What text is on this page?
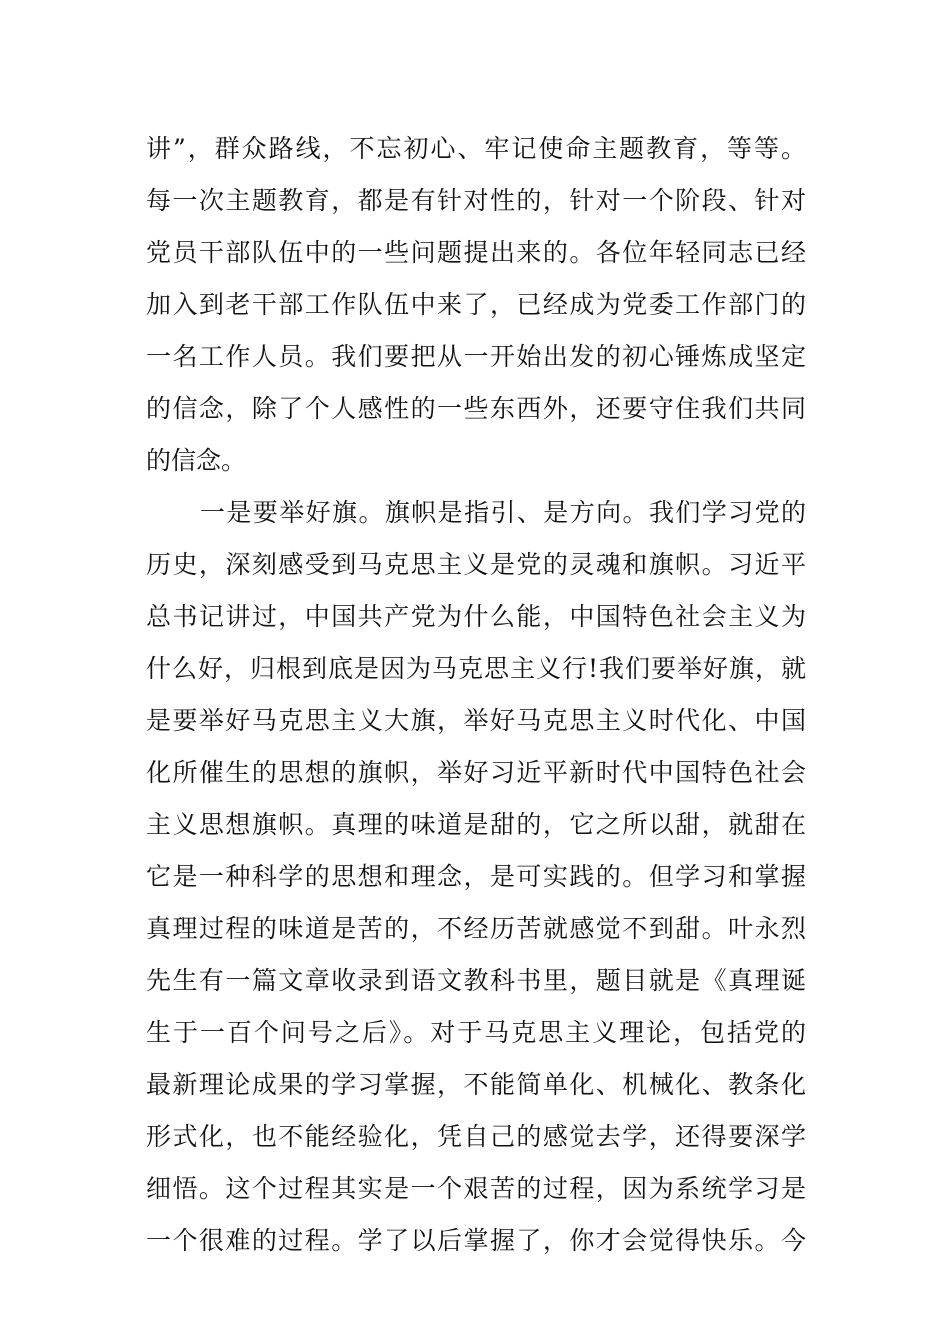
讲”，群众路线，不忘初心、牢记使命主题教育，等等。
每一次主题教育，都是有针对性的，针对一个阶段、针对
党员干部队伍中的一些问题提出来的。各位年轻同志已经
加入到老干部工作队伍中来了，已经成为党委工作部门的
一名工作人员。我们要把从一开始出发的初心锤炼成坚定
的信念，除了个人感性的一些东西外，还要守住我们共同
的信念。
一是要举好旗。旗帜是指引、是方向。我们学习党的
历史，深刻感受到马克思主义是党的灵魂和旗帜。习近平
总书记讲过，中国共产党为什么能，中国特色社会主义为
什么好，归根到底是因为马克思主义行!我们要举好旗，就
是要举好马克思主义大旗，举好马克思主义时代化、中国
化所催生的思想的旗帜，举好习近平新时代中国特色社会
主义思想旗帜。真理的味道是甜的，它之所以甜，就甜在
它是一种科学的思想和理念，是可实践的。但学习和掌握
真理过程的味道是苦的，不经历苦就感觉不到甜。叶永烈
先生有一篇文章收录到语文教科书里，题目就是《真理诞
生于一百个问号之后》。对于马克思主义理论，包括党的
最新理论成果的学习掌握，不能简单化、机械化、教条化
形式化，也不能经验化，凭自己的感觉去学，还得要深学
细悟。这个过程其实是一个艰苦的过程，因为系统学习是
一个很难的过程。学了以后掌握了，你才会觉得快乐。今
